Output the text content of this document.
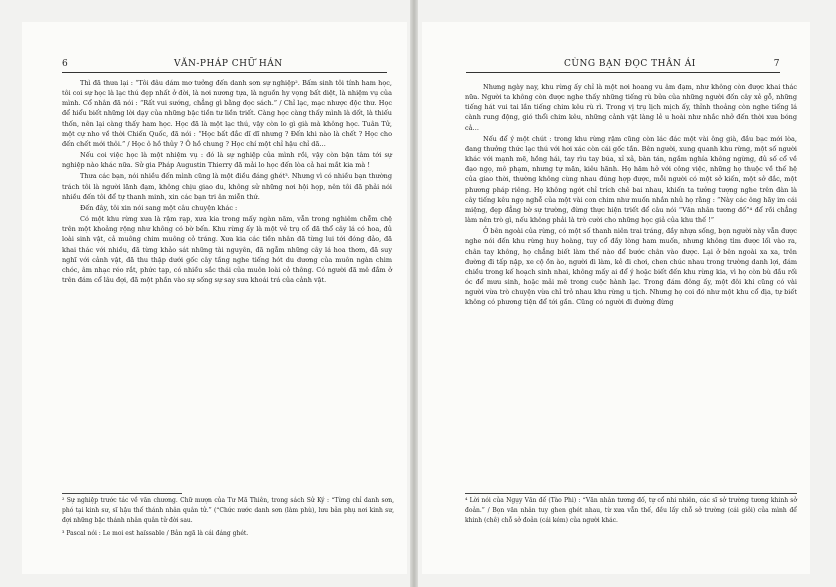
6	VĂN-PHÁP CHỮ HÁN

Thì đã thưa lại : “Tôi đâu dám mơ tưởng đến danh sơn sự nghiệp². Bấm sinh tôi tính ham học, tôi coi sự học là lạc thú đẹp nhất ở đời, là nơi nương tựa, là nguồn hy vọng bất diệt, là nhiệm vụ của mình. Cổ nhân đã nói : “Rất vui sướng, chẳng gì bằng đọc sách.” / Chỉ lạc, mạc nhược độc thư. Học để hiểu biết những lời dạy của những bậc tiền tư liền triết. Càng học càng thấy mình là dốt, là thiếu thốn, nên lại càng thấy ham học. Học đã là một lạc thú, vậy còn lo gì già mà không học. Tuân Tử, một cự nho về thời Chiến Quốc, đã nói : “Học bất đắc dĩ dĩ nhưng ? Đến khi nào là chết ? Học cho đến chết mới thôi.” / Học ô hồ thủy ? Ô hồ chung ? Học chí một chỉ hậu chỉ dã…

Nếu coi việc học là một nhiệm vụ : đó là sự nghiệp của mình rồi, vậy còn bận tâm tới sự nghiệp nào khác nữa. Sử gia Pháp Augustin Thierry đã mải lo học đến lòa cả hai mắt kia mà !

Thưa các bạn, nói nhiều đến mình cũng là một điều đáng ghét³. Nhưng vì có nhiều bạn thường trách tôi là người lãnh đạm, không chịu giao du, không sử những nơi hội họp, nên tôi đã phải nói nhiều đến tôi để tự thanh minh, xin các bạn tri ân miễn thứ.

Đến đây, tôi xin nói sang một câu chuyện khác :

Có một khu rừng xưa là rậm rạp, xưa kia trong mấy ngàn năm, vẫn trong nghiêm chễm chệ trên một khoảng rộng như không có bờ bến. Khu rừng ấy là một vẻ trụ cổ đã thổ cây lá có hoa, đủ loài sinh vật, cả muông chim muông cỏ tráng. Xưa kia các tiền nhân đã từng lui tới đóng đảo, đã khai thác với nhiều, đã từng khảo sát những tài nguyên, đã ngẫm những cây lá hoa thơm, đã suy nghĩ với cảnh vật, đã thu thập dưới gốc cây tầng nghe tiếng hót du dương của muôn ngàn chim chóc, âm nhạc réo rắt, phức tạp, có nhiều sắc thái của muôn loài cỏ thông. Có người đã mê đắm ở trên đám cổ lâu đợi, đã một phần vào sự sống sự say sưa khoái trá của cảnh vật.

² Sự nghiệp trước tác về văn chương. Chữ mượn của Tư Mã Thiên, trong sách Sử Ký : “Từng chỉ danh sơn, phó tại kinh sư, sĩ hậu thế thánh nhân quân tử.” (“Chức nước danh sơn (làm phù), lưu bản phụ nơi kinh sư, đợi những bậc thánh nhân quân tử đời sau.

³ Pascal nói : Le moi est haïssable / Bản ngã là cái đáng ghét.

CÙNG BẠN ĐỌC THÂN ÁI	7

Nhưng ngày nay, khu rừng ấy chỉ là một nơi hoang vu âm đạm, như không còn được khai thác nữa. Người ta không còn được nghe thấy những tiếng rù bửa của những người đốn cây xẻ gỗ, những tiếng hát vui tai lần tiếng chim kêu rù rì. Trong vị trụ lịch mịch ấy, thỉnh thoảng còn nghe tiếng lá cành rung động, gió thổi chim kêu, những cảnh vật làng lẻ u hoài như nhắc nhở đến thời xưa bóng cả…

Nếu để ý một chút : trong khu rừng rậm cũng còn lác đác một vài ông già, đầu bạc mới lòa, đang thưởng thức lạc thú với hơi xác còn cái gốc tần. Bên người, xung quanh khu rừng, một số người khác với mạnh mẽ, hồng hái, tay rìu tay búa, xỉ xả, bàn tán, ngắm nghía không ngừng, đủ số cổ về đạo ngọ, mô phạm, nhưng tự mãn, kiêu hãnh. Họ hăm hở với công việc, những họ thuộc về thế hệ của giao thời, thường không cùng nhau đúng hợp được, mỗi người có một sở kiến, một sở đắc, một phương pháp riêng. Họ không ngớt chỉ trích chê bai nhau, khiến ta tưởng tượng nghe trên đàn là cây tiếng kêu ngọ nghễ của một vài con chim như muốn nhắn nhủ họ rằng : “Này các ông hãy im cái miệng, đẹp đẳng bờ sự trường, đừng thực hiện triết để câu nói “Văn nhân tương đố”⁴ để rồi chẳng làm nên trò gì, nếu không phải là trò cười cho những học giả của khu thế !”

Ở bên ngoài của rừng, có một số thanh niên trai tráng, đầy nhựa sống, bọn người này vẫn được nghe nói đến khu rừng huy hoàng, tuy cổ đầy lòng ham muốn, nhưng không tìm được lối vào ra, chân tay không, họ chẳng biết làm thế nào để bước chân vào được. Lại ở bên ngoài xa xa, trên đường đi tấp nập, xe cộ ồn ào, người đi làm, kẻ đi chơi, chen chúc nhau trong trường danh lợi, đám chiều trong kế hoạch sinh nhai, không mấy ai để ý hoặc biết đến khu rừng kia, vì họ còn bù đầu rối óc để mưu sinh, hoặc mải mê trong cuộc hành lạc. Trong đám đông ấy, một đôi khi cũng có vài người vừa trò chuyện vừa chỉ trỏ nhau khu rừng u tịch. Nhưng họ coi đó như một khu cổ địa, tự biết không có phương tiện để tới gần. Cũng có người đi đường đừng

⁴ Lời nói của Ngụy Văn đế (Tào Phi) : “Văn nhân tương đố, tự cổ nhi nhiên, các sĩ sở trường tương khinh sở đoản.” / Bọn văn nhân tuy ghen ghét nhau, từ xưa vẫn thế, đều lấy chỗ sở trường (cái giỏi) của mình để khinh (chê) chỗ sở đoản (cái kém) của người khác.
